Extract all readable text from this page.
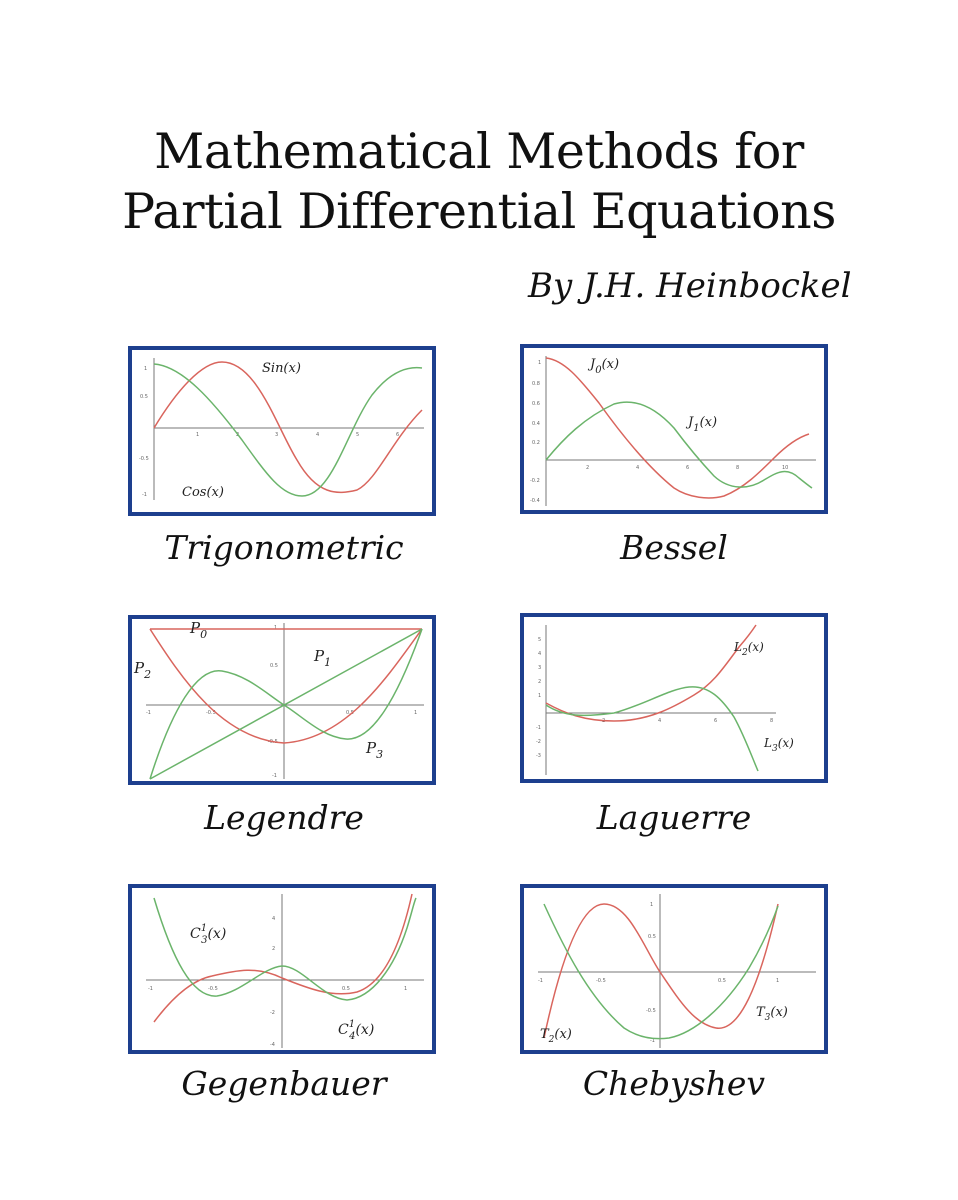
Mathematical Methods for
Partial Differential Equations
By J.H. Heinbockel
1
0.5
-0.5
-1
1	2	3	4	5	6
Sin(x)
Cos(x)
Trigonometric
1
0.8
0.6
0.4
0.2
-0.2
-0.4
2	4	6	8	10
$J_0(x)$
$J_1(x)$
Bessel
1
0.5
-0.5
-1
-1	-0.5	0.5	1
$P_0$
$P_1$
$P_2$
$P_3$
Legendre
5
4
3
2
1
-1
-2
-3
2	4	6	8
$L_2(x)$
$L_3(x)$
Laguerre
4
2
-2
-4
-1	-0.5	0.5	1
$C^1$ 3(x)
$C^1$ 4(x)
Gegenbauer
1
0.5
-0.5
-1
-1	-0.5	0.5	1
$T_2(x)$
$T_3(x)$
Chebyshev
